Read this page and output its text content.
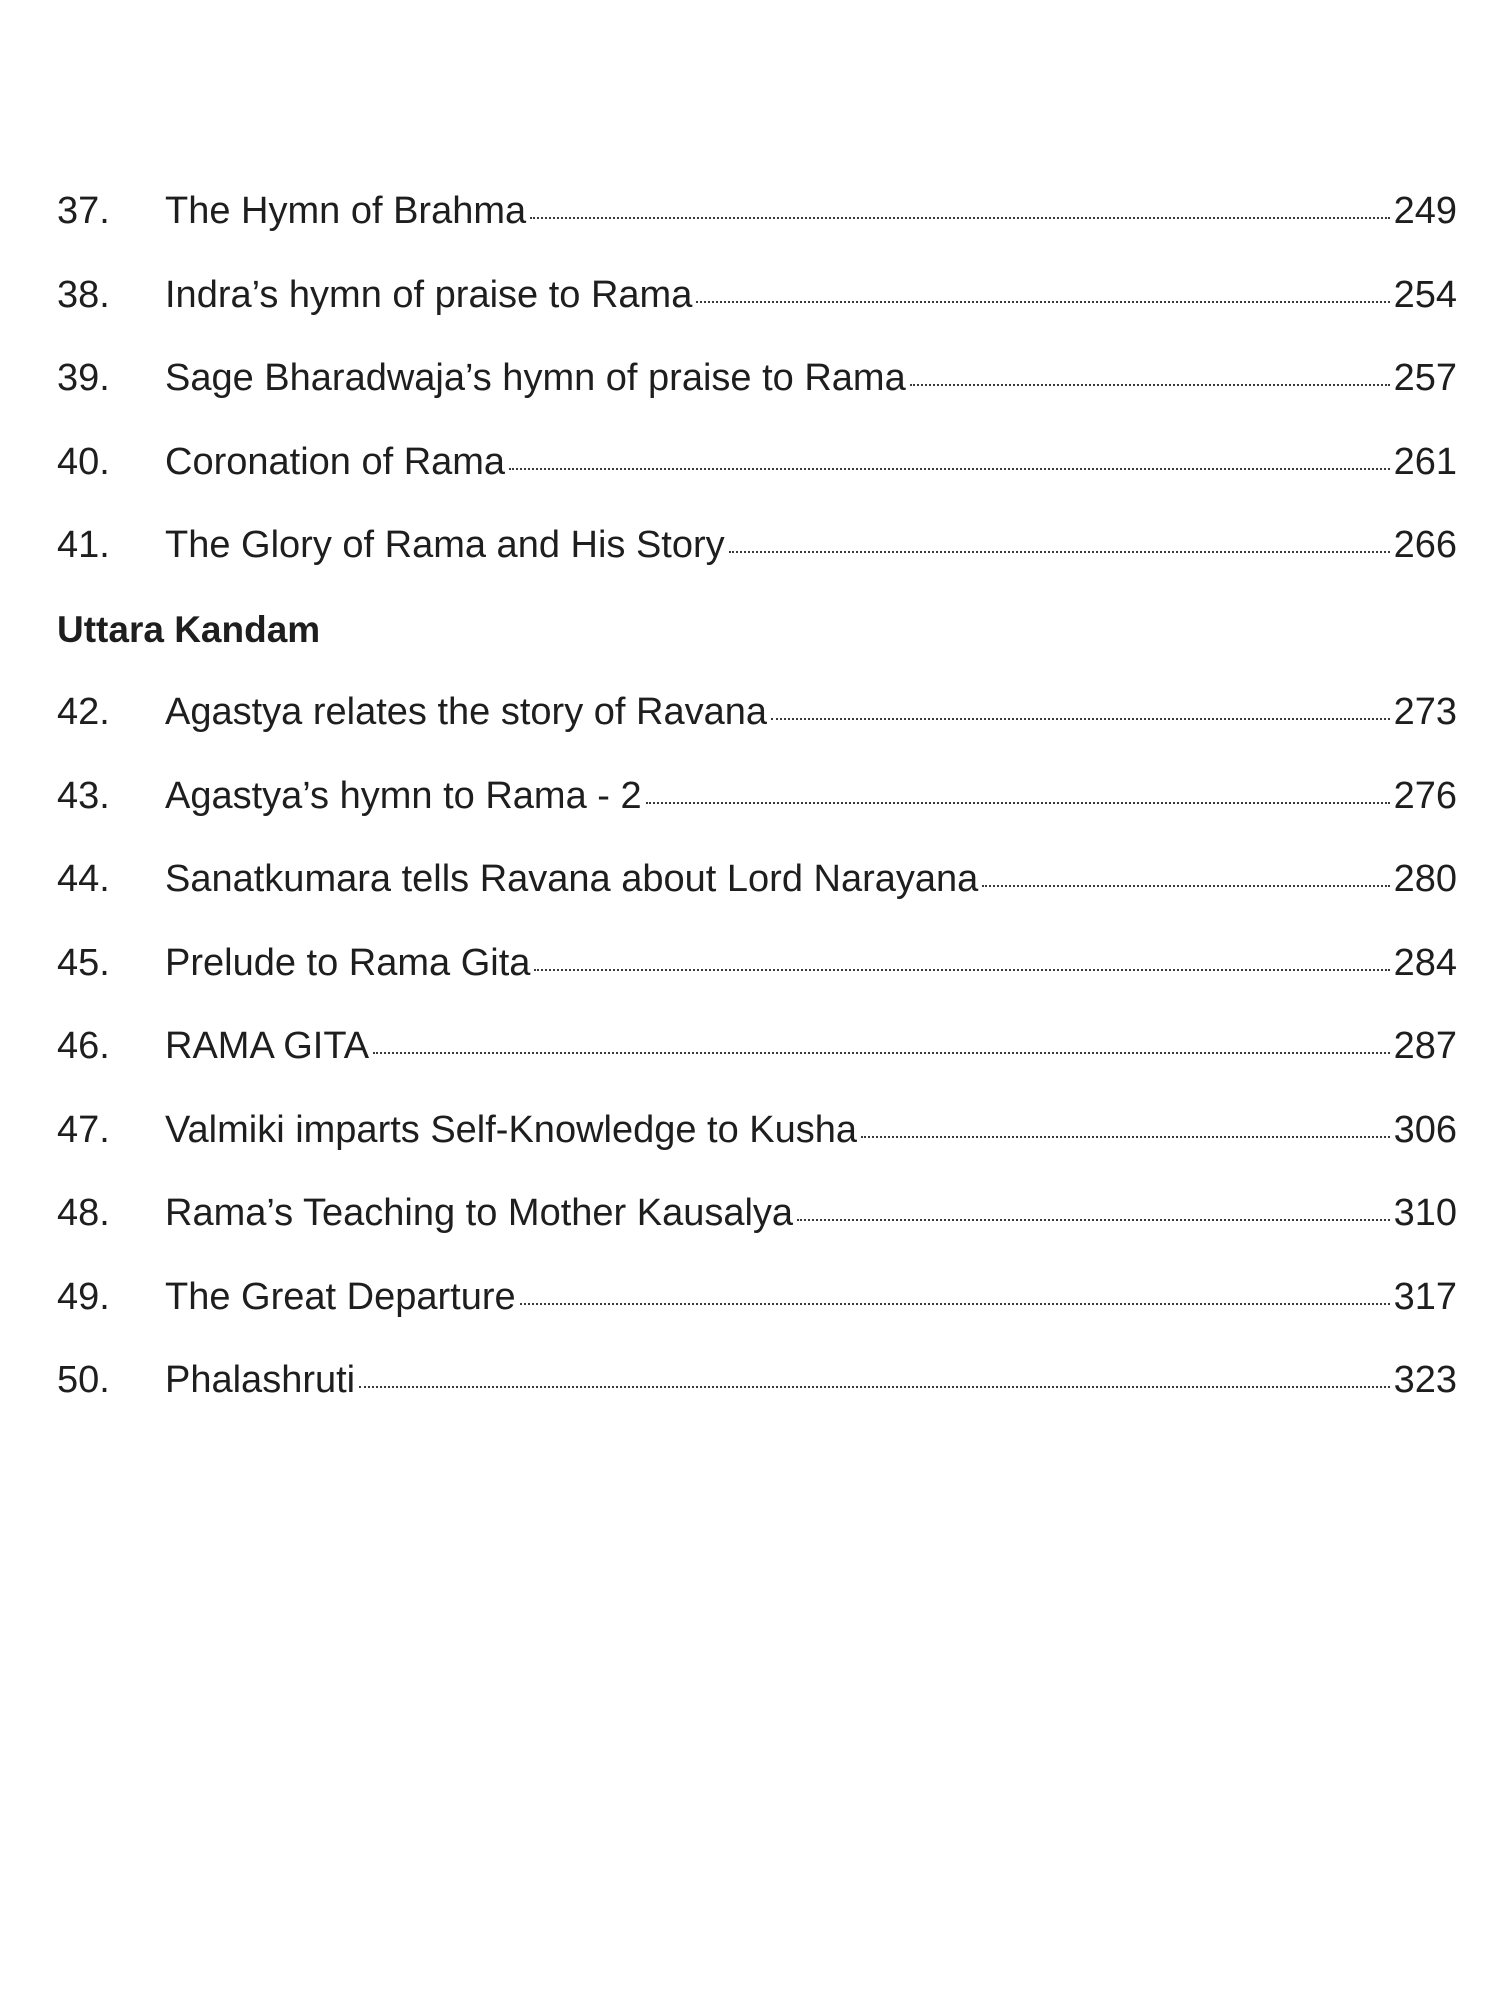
37.	The Hymn of Brahma	249
38.	Indra’s hymn of praise to Rama	254
39.	Sage Bharadwaja’s hymn of praise to Rama	257
40.	Coronation of Rama	261
41.	The Glory of Rama and His Story	266
Uttara Kandam
42.	Agastya relates the story of Ravana	273
43.	Agastya’s hymn to Rama - 2	276
44.	Sanatkumara tells Ravana about Lord Narayana	280
45.	Prelude to Rama Gita	284
46.	RAMA GITA	287
47.	Valmiki imparts Self-Knowledge to Kusha	306
48.	Rama’s Teaching to Mother Kausalya	310
49.	The Great Departure	317
50.	Phalashruti	323
